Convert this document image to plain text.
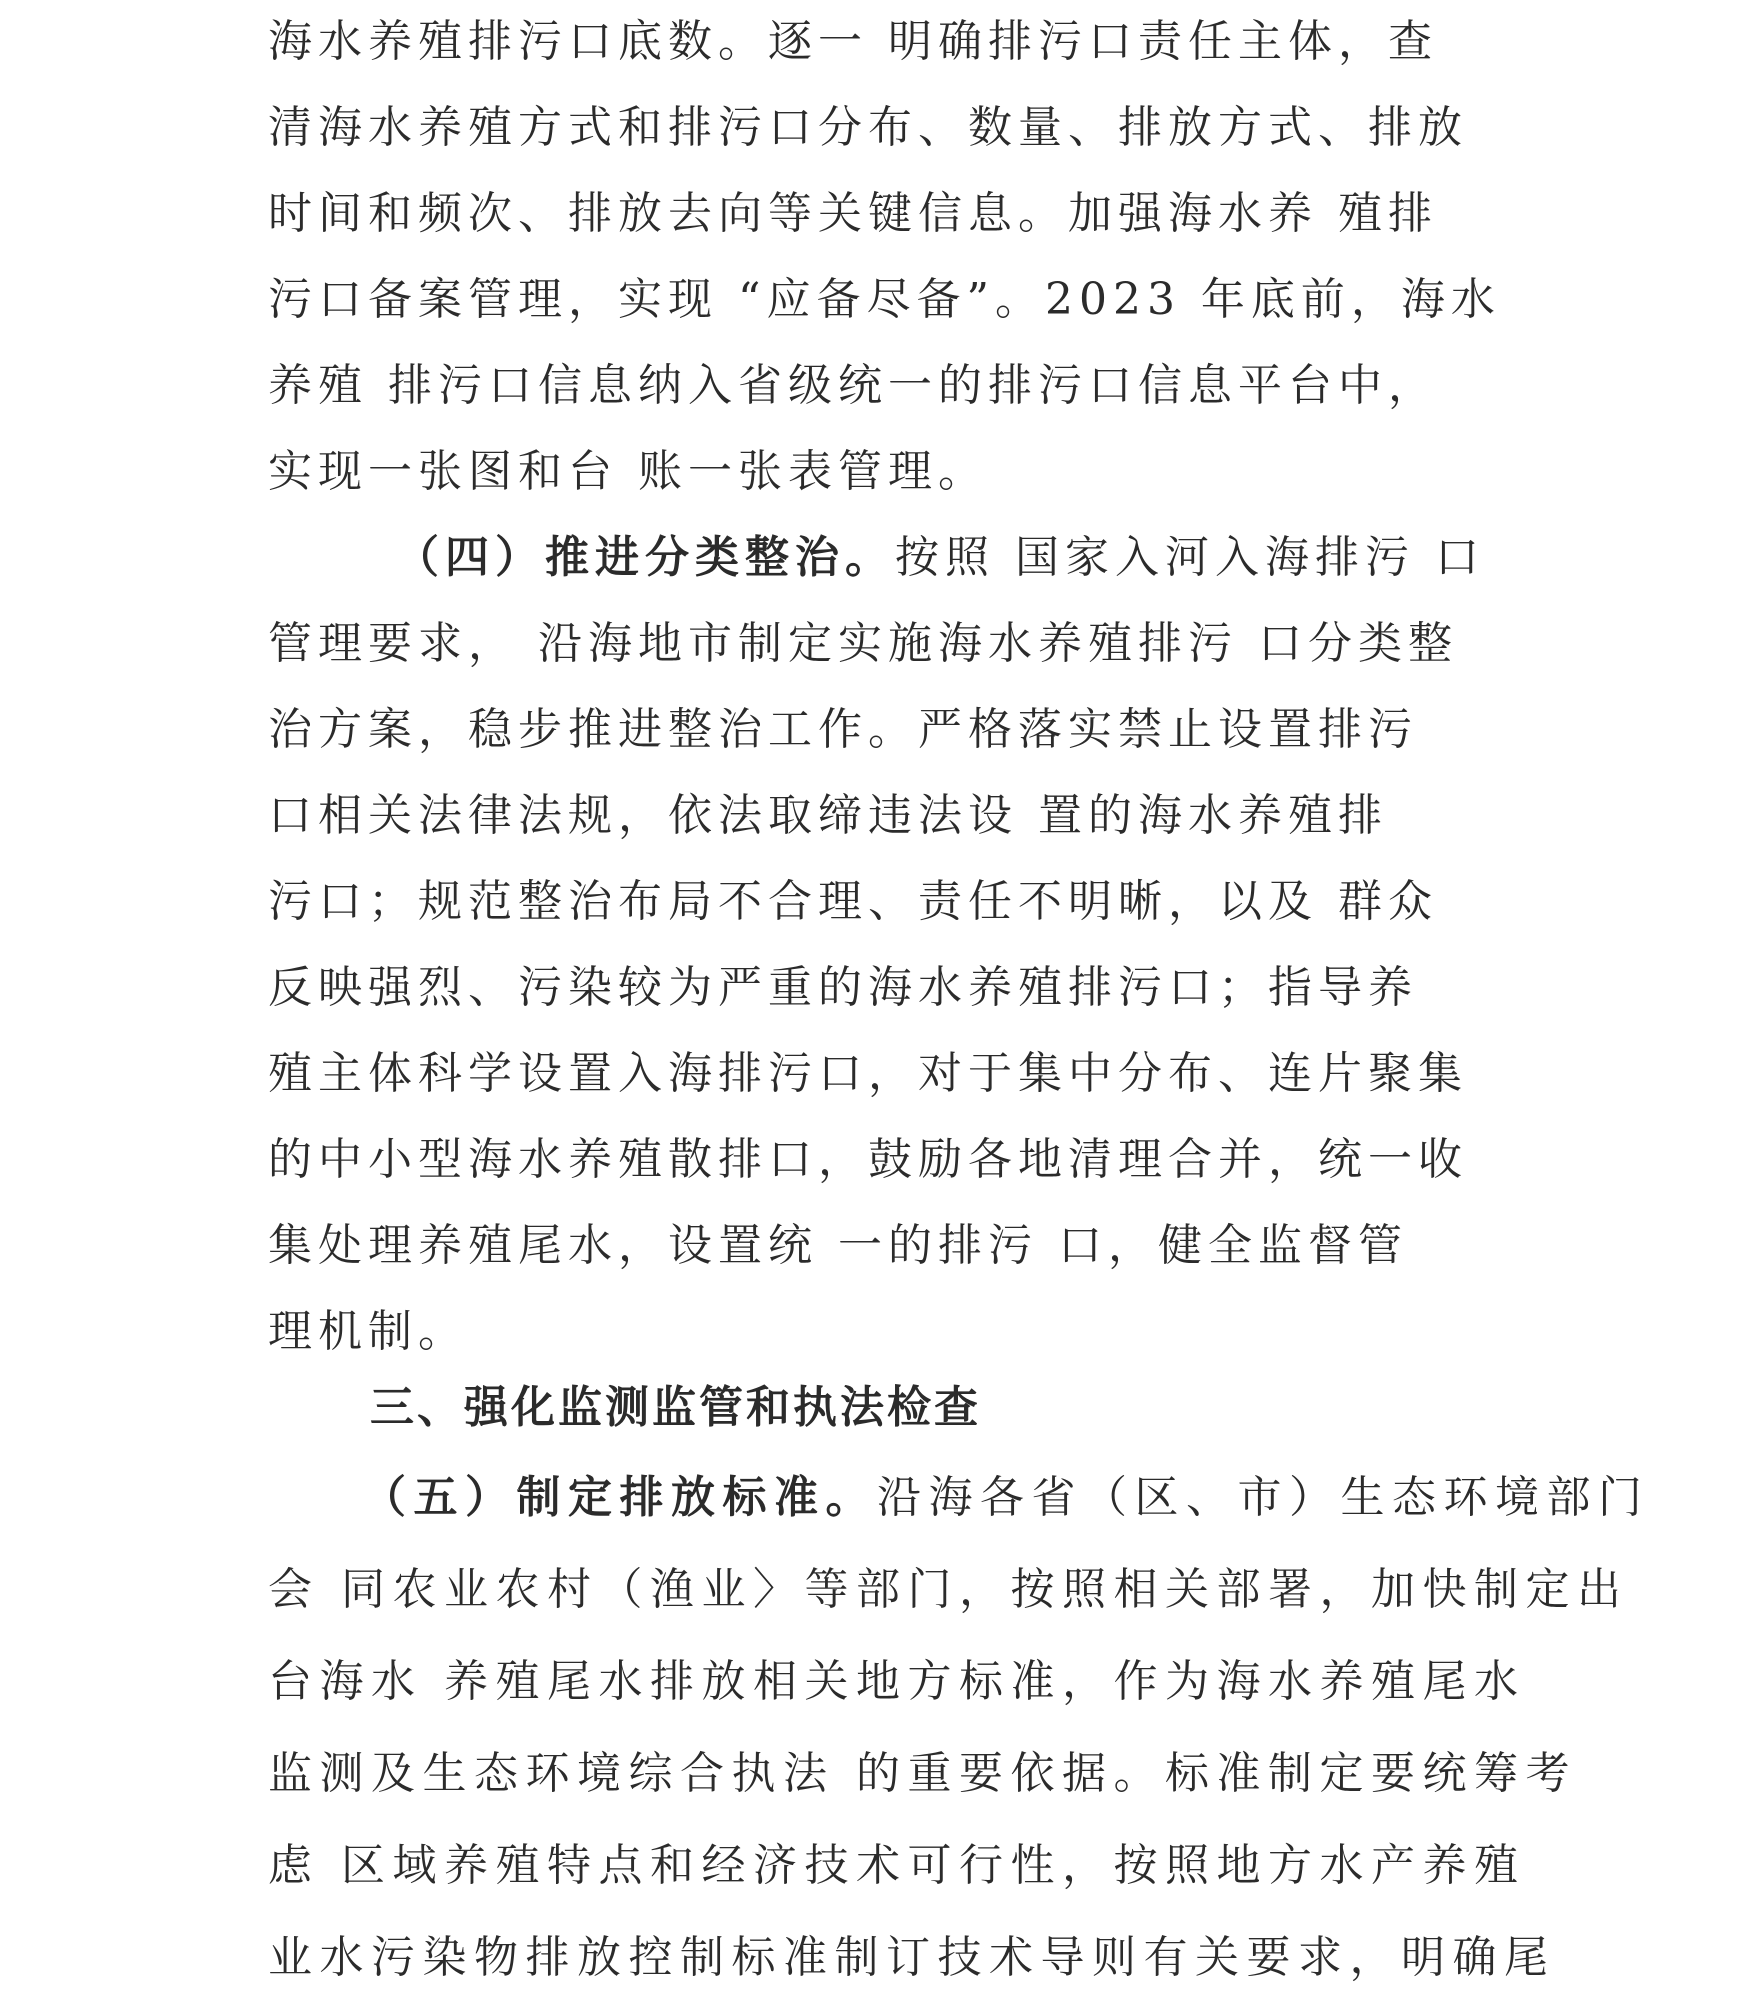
海水养殖排污口底数。逐一 明确排污口责任主体，查
清海水养殖方式和排污口分布、数量、排放方式、排放
时间和频次、排放去向等关键信息。加强海水养 殖排
污口备案管理，实现 “应备尽备”。2023 年底前，海水
养殖 排污口信息纳入省级统一的排污口信息平台中，
实现一张图和台 账一张表管理。
（四）推进分类整治。按照 国家入河入海排污 口
管理要求， 沿海地市制定实施海水养殖排污 口分类整
治方案，稳步推进整治工作。严格落实禁止设置排污
口相关法律法规，依法取缔违法设 置的海水养殖排
污口；规范整治布局不合理、责任不明晰，以及 群众
反映强烈、污染较为严重的海水养殖排污口；指导养
殖主体科学设置入海排污口，对于集中分布、连片聚集
的中小型海水养殖散排口，鼓励各地清理合并，统一收
集处理养殖尾水，设置统 一的排污 口，健全监督管
理机制。
三、强化监测监管和执法检查
（五）制定排放标准。沿海各省（区、市）生态环境部门
会 同农业农村（渔业〉等部门，按照相关部署，加快制定出
台海水 养殖尾水排放相关地方标准，作为海水养殖尾水
监测及生态环境综合执法 的重要依据。标准制定要统筹考
虑 区域养殖特点和经济技术可行性，按照地方水产养殖
业水污染物排放控制标准制订技术导则有关要求，明确尾
